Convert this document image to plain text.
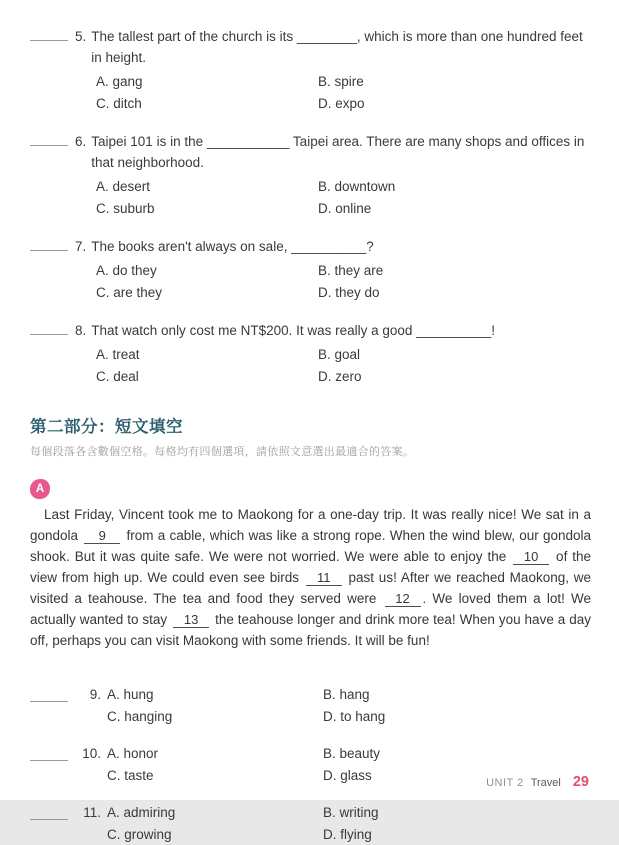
5. The tallest part of the church is its ________, which is more than one hundred feet in height.
A. gang	B. spire
C. ditch	D. expo
6. Taipei 101 is in the ___________ Taipei area. There are many shops and offices in that neighborhood.
A. desert	B. downtown
C. suburb	D. online
7. The books aren't always on sale, __________?
A. do they	B. they are
C. are they	D. they do
8. That watch only cost me NT$200. It was really a good __________!
A. treat	B. goal
C. deal	D. zero
第二部分：短文填空
每個段落各含數個空格。每格均有四個選項，請依照文意選出最適合的答案。
A

Last Friday, Vincent took me to Maokong for a one-day trip. It was really nice! We sat in a gondola 9 from a cable, which was like a strong rope. When the wind blew, our gondola shook. But it was quite safe. We were not worried. We were able to enjoy the 10 of the view from high up. We could even see birds 11 past us! After we reached Maokong, we visited a teahouse. The tea and food they served were 12 . We loved them a lot! We actually wanted to stay 13 the teahouse longer and drink more tea! When you have a day off, perhaps you can visit Maokong with some friends. It will be fun!

9. A. hung	B. hang
C. hanging	D. to hang
10. A. honor	B. beauty
C. taste	D. glass
11. A. admiring	B. writing
C. growing	D. flying
UNIT 2 Travel 29
